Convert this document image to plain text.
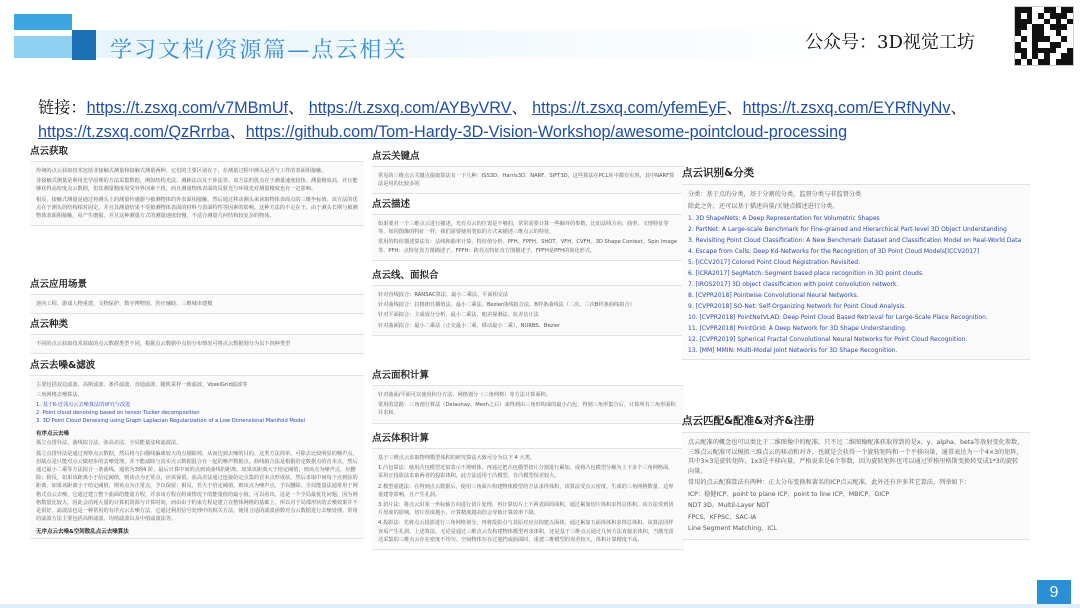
学习文档/资源篇—点云相关	公众号：3D视觉工坊
链接：https://t.zsxq.com/v7MBmUf、 https://t.zsxq.com/AYByVRV、 https://t.zsxq.com/yfemEyF、https://t.zsxq.com/EYRfNyNv、
https://t.zsxq.com/QzRrrba、https://github.com/Tom-Hardy-3D-Vision-Workshop/awesome-pointcloud-processing
点云获取
传统的点云获取技术包括非接触式测量和接触式测量两种，它们的主要区别在于，在测量过程中测头是否与工件的表面相接触。
非接触式测量是利用光学原理的方法采集数据，例如结构光法、测距法以及干涉法等。该方法的优点在于测量速度较快、测量精度高，并且能够获得高密度点云数据，但其测量精度易受外界因素干扰，而且测量物体表面的反射光与环境光对测量精度也有一定影响。
相反，接触式测量是通过将测头上的测量传感器与被测物体的外表面相接触，然后通过移动测头来读取物体表面点的三维坐标值。该方法的优点在于测头的结构相对固定，并且其测量结果不受被测物体表面的材料与表面特性等因素的影响。这种方法的不足在于，由于测头长期与被测物体表面相接触，易产生磨损，并且这种测量方式的测量速度较慢，不适合测量几何结构较复杂的物体。
点云应用场景
逆向工程、游戏人物重建、文物保护、数字博物馆、医疗辅助、三维城市建模
点云种类
不同的点云获取技术获取的点云数据类型不同，根据点云数据中点的分布情况可将点云数据划分为以下四种类型
点云去噪&滤波
主要包括双边滤波、高斯滤波、条件滤波、直通滤波、随机采样一致滤波、VoxelGrid滤波等
三角网格去噪算法、
1. 基于K-近邻点云去噪算法的研究与改进
2. Point cloud denoising based on tensor Tucker decomposition
3. 3D Point Cloud Denoising using Graph Laplacian Regularization of a Low Dimensional Manifold Model
有序点云去噪
孤立点排异法、曲线拟合法、弦高差法、全局能量法和滤波法。
孤立点排异法是通过观察点云数据，然后将与扫描线偏离较大的点剔除掉，从而达到去噪的目的。这类方法简单，可除去比较明显的噪声点，但缺点是只能对点云做初步的去噪处理，并不能滤除与真实点云数据混合在一起的噪声数据点。曲线拟合法是根据给定数据点的首末点，然后通过最小二乘等方法拟合一条曲线，通常为3到4 阶，最后计算中间的点到该曲线的距离，如果该距离大于给定阈值，则该点为噪声点，应删除；相反，如果该距离小于给定阈值，则该点为正常点，应该保留。弦高差法通过连接给定点集的首末点形成弦，然后求取中间每个点到弦的距离，如果该距离小于给定阈值，则该点为正常点，予以保留；相反，若大于给定阈值，则该点为噪声点，予以删除。全局能量法通常用于网格式点云去噪，它通过建立整个曲面的能量方程，并求该方程在约束情况下的能量值的最小值。可以看出，这是一个全局最优化问题，因为网格数量比较大，因此会消耗大量的计算机资源与计算时间，而由由于约束方程是建立在整体网格的基础上，所以对于局部形状的去噪效果并不是很好。滤波法也是一种常用的有序点云去噪方法，它通过利用信号处理中的相关方法，使用合适的滤波函数对点云数据进行去噪处理，常用的滤波方法主要包括高斯滤波、均值滤波以及中值滤波法等。
无序点云去噪&空间散乱点云去噪算法
点云关键点
常见的三维点云关键点提取算法有一下几种：ISS3D、Harris3D、NARF、SIFT3D，这些算法在PCL库中都有实现，其中NARF算法是用的比较多的
点云描述
如果要对一个三维点云进行描述，光有点云的位置是不够的，常常需要计算一些额外的参数，比如法线方向、曲率、文理特征等等。如同图像的特征一样，我们需要使用类似的方式来描述三维点云的特征。
常用的特征描述算法有：法线和曲率计算、特征值分析、PFH、FPFH、SHOT、VFH、CVFH、3D Shape Context、Spin Image等。PFH：点特征直方图描述子，FPFH：跨苏点特征直方图描述子，FPFH是PFH的简化形式。
点云线、面拟合
针对直线拟合：RANSAC算法、最小二乘法、平面相交法
针对曲线拟合：拉格朗日插值法、最小二乘法、Bezier曲线拟合法、B样条曲线法（二次、三次B样条曲线拟合）
针对平面拟合：主成成分分析、最小二乘法、粗差探测法、抗差估计法
针对曲面拟合：最小二乘法（正交最小二乘、移动最小二乘）、NURBS、Bezier
点云面积计算
针对曲面/平面可以使用积分方法、网格划分（三角网格）等方法计算面积。
常用的思路：三角剖分算法（Delaunay、Mesh之后）来得到由三角形构成的最小凸包，得到三角形集合后，计算所有三角形面积并求和。
点云体积计算
基于三维点云求取物理模型体积的研究算法大致可分为以下 4 大类。
1.凸包算法：使用凸包模型近似表示不规则体，再通过把凸包模型切片分割进行累加、或将凸包模型分解为上下多个三角网格面，采用正投影法求取两者的投影体积，此方法适用于凸模型，非凸模型误差较大。
2.模型重建法：在得到点云数据后，使用三角面片构建物体模型的方法求得体积，该算法受点云密度、生成的三角网格数量、边界重建等影响，且产生孔洞。
3.切片法：将点云沿某一坐标轴方向进行切片处理，再计算切片上下两表面的面积，通过累加切片体积求得总体积。该方法受到切片厚度的影响，切片厚度越小，计算精度越高但会导致计算效率下降。
4.投影法：先将点云投影进行三角网格划分，再将投影点与其原对应点构建五面体，通过累加五面体体积求得总体积。该算法同样容易产生孔洞。上述算法，无论是通过三维点云先构建物体模型再求体积，还是基于三维点云通过几何方法直接求体积，当激光雷达采集的三维点云存在密度不均匀、空间物体存在过遮挡或曲面时，重建三维模型的误差较大，体积计算精度不高。
点云识别&分类
分类：基于点的分类，基于分割的分类，监督分类与非监督分类
除此之外，还可以基于描述向量/关键点描述进行分类。
1. 3D ShapeNets: A Deep Representation for Volumetric Shapes
2. PartNet: A Large-scale Benchmark for Fine-grained and Hierarchical Part-level 3D Object Understanding
3. Revisiting Point Cloud Classification: A New Benchmark Dataset and Classification Model on Real-World Data
4. Escape from Cells: Deep Kd-Networks for the Recognition of 3D Point Cloud Models[ICCV2017]
5. [ICCV2017] Colored Point Cloud Registration Revisited.
6. [ICRA2017] SegMatch: Segment based place recognition in 3D point clouds.
7. [IROS2017] 3D object classification with point convolution network.
8. [CVPR2018] Pointwise Convolutional Neural Networks.
9. [CVPR2018] SO-Net: Self-Organizing Network for Point Cloud Analysis.
10. [CVPR2018] PointNetVLAD: Deep Point Cloud Based Retrieval for Large-Scale Place Recognition.
11. [CVPR2018] PointGrid: A Deep Network for 3D Shape Understanding.
12. [CVPR2019] Spherical Fractal Convolutional Neural Networks for Point Cloud Recognition.
13. [MM] MMIN: Multi-Modal Joint Networks for 3D Shape Recognition.
点云匹配&配准&对齐&注册
点云配准的概念也可以类比于二维图像中的配准，只不过二维图像配准获取得到的是x、y、alpha、beta等放射变化参数，三维点云配准可以模拟三维点云的移动和对齐，也就是会获得一个旋转矩阵和一个平移向量，通常表达为一个4×3的矩阵，其中3×3是旋转矩阵，1x3是平移向量。严格说来是6个参数，因为旋转矩阵也可以通过罗格里格斯变换转变成1*3的旋转向量。
常用的点云配准算法有两种：正太分布变换和著名的ICP点云配准，此外还有许多其它算法，列举如下：
ICP：稳健ICP、point to plane ICP、point to line ICP、MBICP、GICP
NDT 3D、Multil-Layer NDT
FPCS、KFPSC、SAC-IA
Line Segment Matching、ICL
9
